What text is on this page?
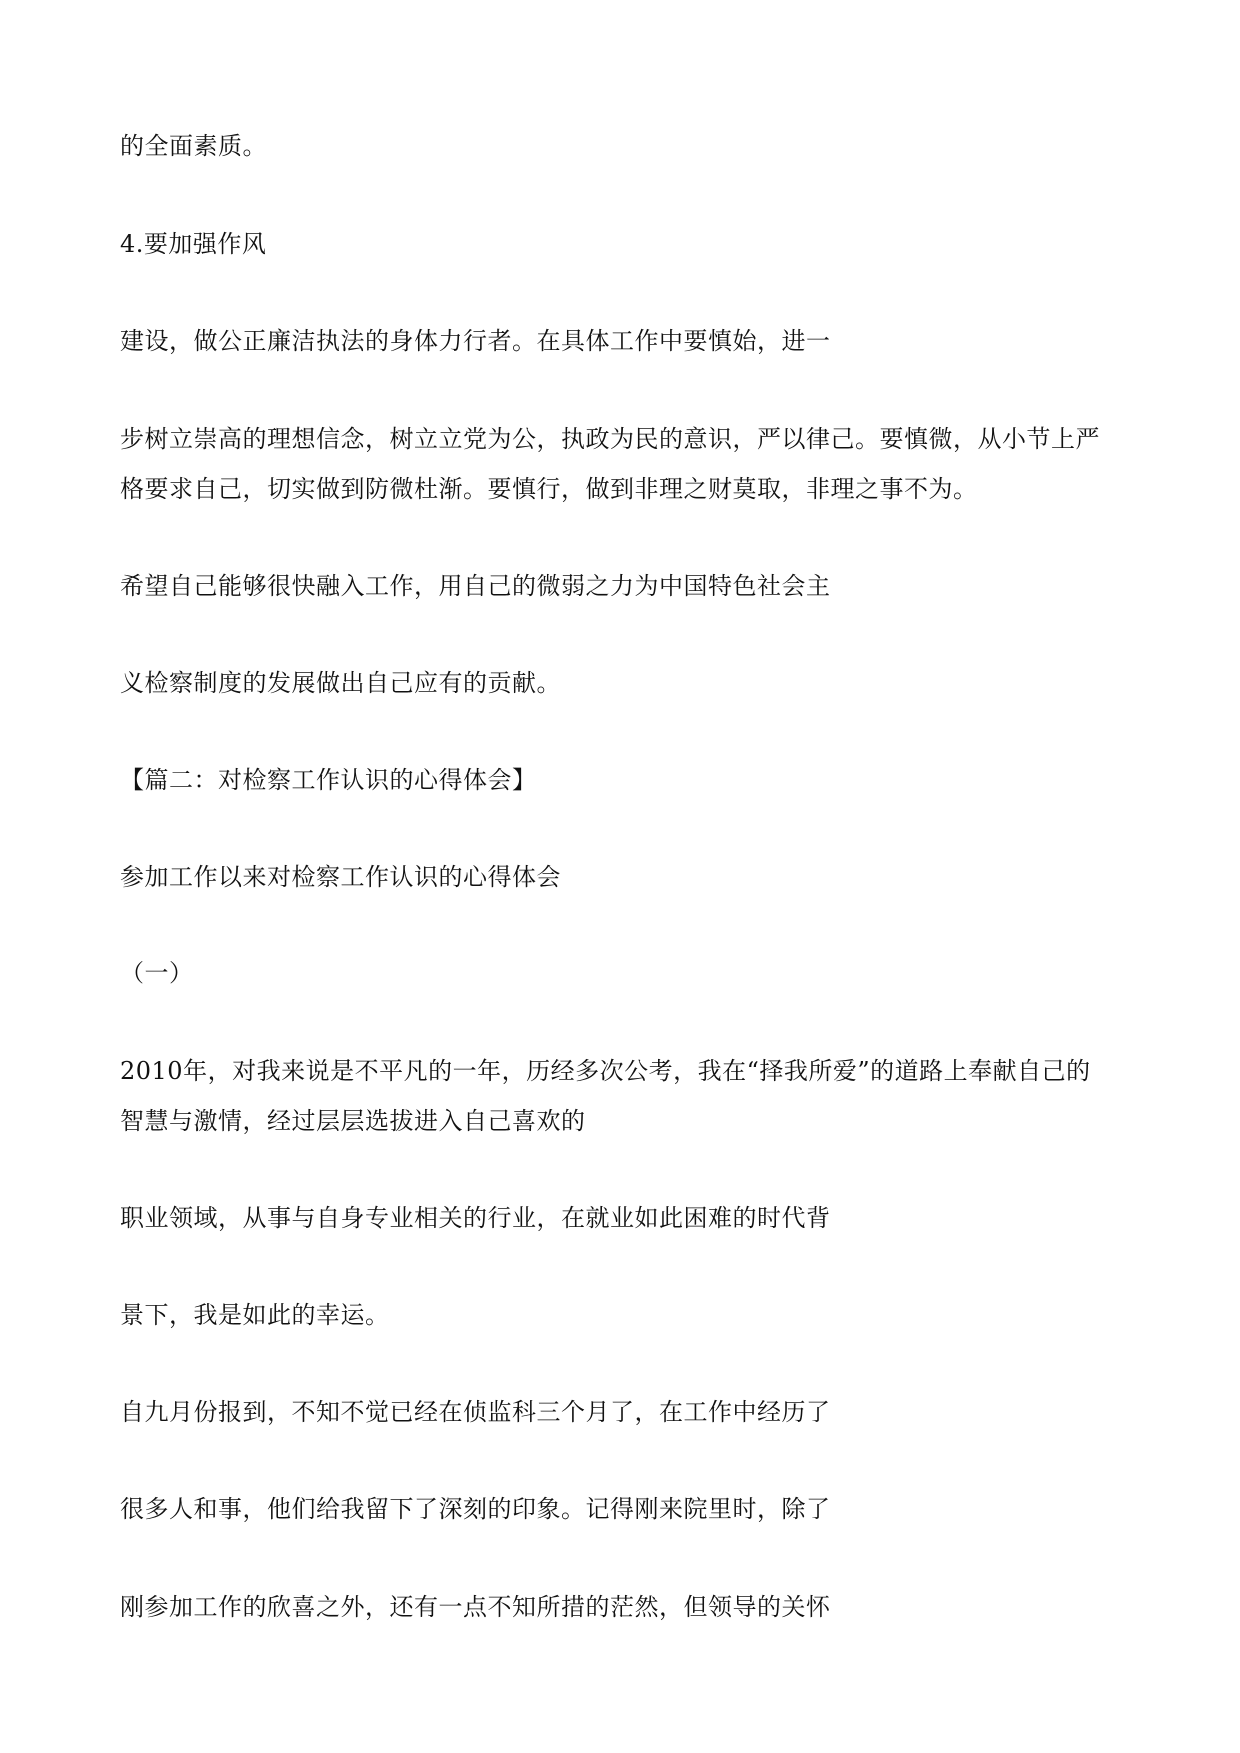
的全面素质。
4.要加强作风
建设，做公正廉洁执法的身体力行者。在具体工作中要慎始，进一
步树立崇高的理想信念，树立立党为公，执政为民的意识，严以律己。要慎微，从小节上严
格要求自己，切实做到防微杜渐。要慎行，做到非理之财莫取，非理之事不为。
希望自己能够很快融入工作，用自己的微弱之力为中国特色社会主
义检察制度的发展做出自己应有的贡献。
【篇二：对检察工作认识的心得体会】
参加工作以来对检察工作认识的心得体会
（一）
2010年，对我来说是不平凡的一年，历经多次公考，我在“择我所爱”的道路上奉献自己的
智慧与激情，经过层层选拔进入自己喜欢的
职业领域，从事与自身专业相关的行业，在就业如此困难的时代背
景下，我是如此的幸运。
自九月份报到，不知不觉已经在侦监科三个月了，在工作中经历了
很多人和事，他们给我留下了深刻的印象。记得刚来院里时，除了
刚参加工作的欣喜之外，还有一点不知所措的茫然，但领导的关怀
